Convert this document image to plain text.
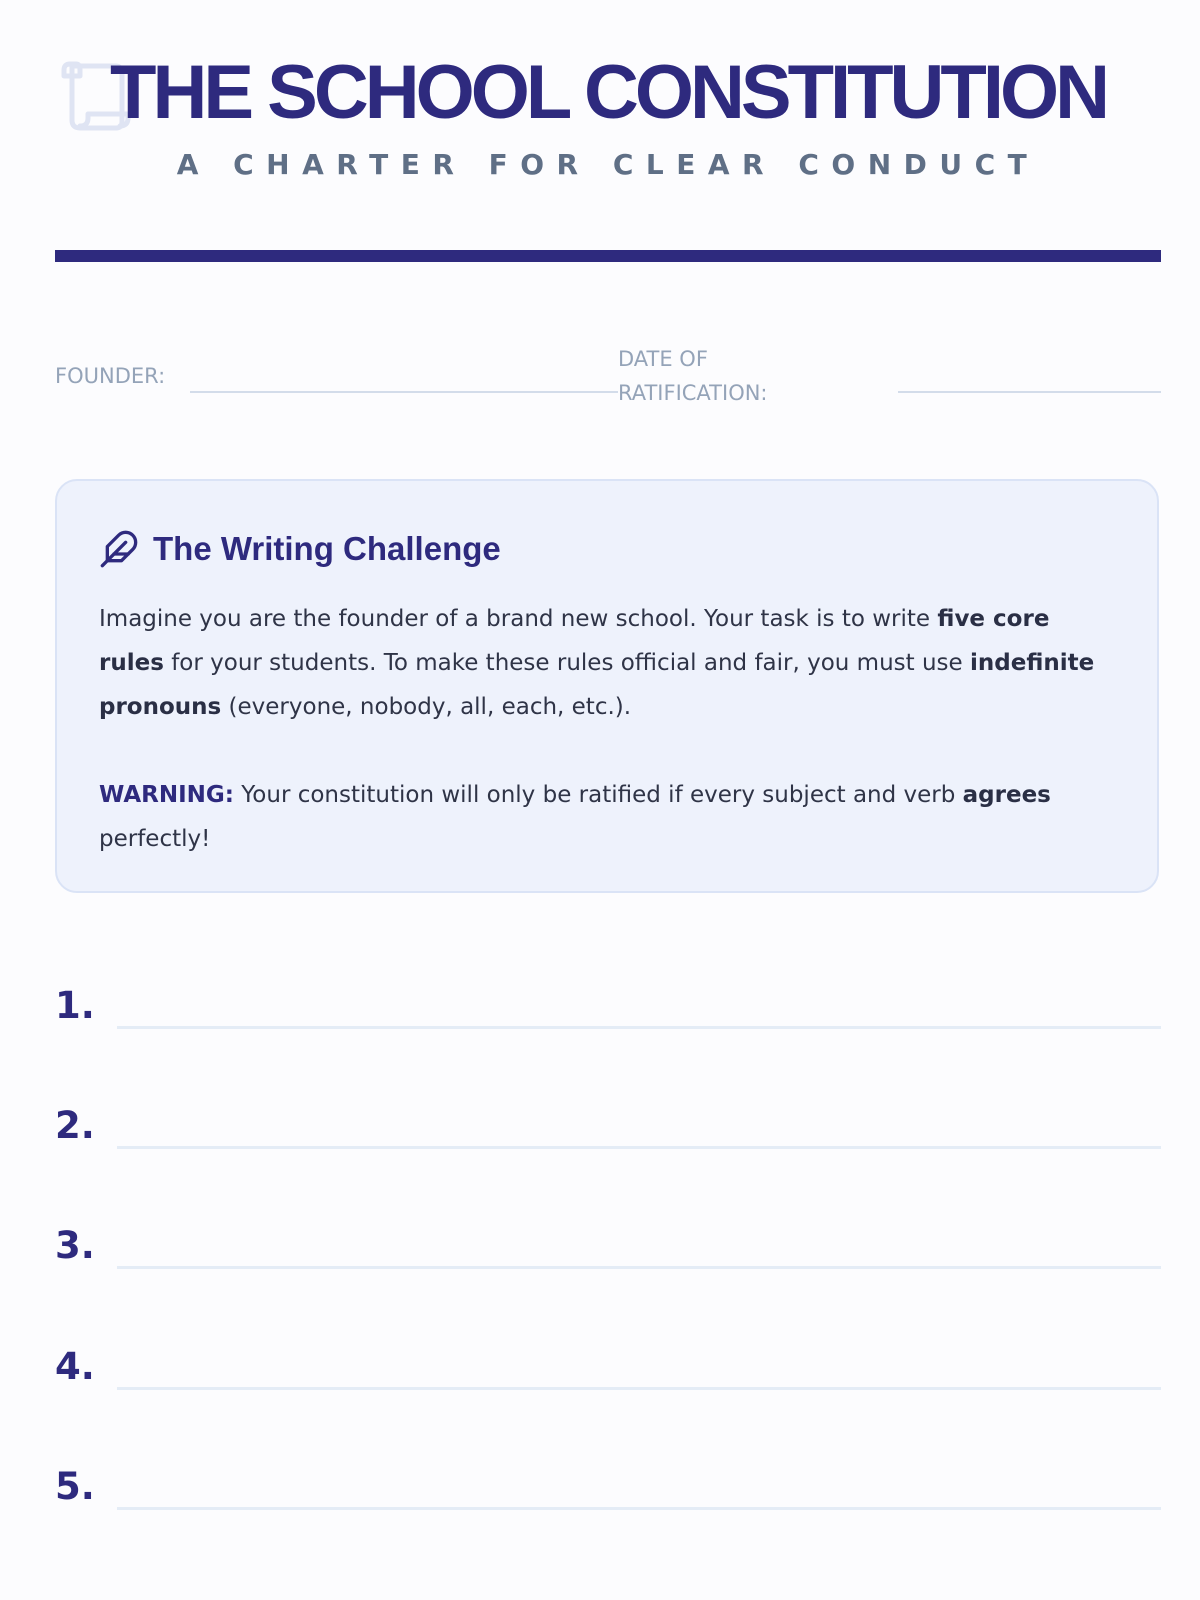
THE SCHOOL CONSTITUTION
A CHARTER FOR CLEAR CONDUCT
FOUNDER:
DATE OF RATIFICATION:
The Writing Challenge

Imagine you are the founder of a brand new school. Your task is to write five core rules for your students. To make these rules official and fair, you must use indefinite pronouns (everyone, nobody, all, each, etc.).

WARNING: Your constitution will only be ratified if every subject and verb agrees perfectly!

1.
2.
3.
4.
5.
